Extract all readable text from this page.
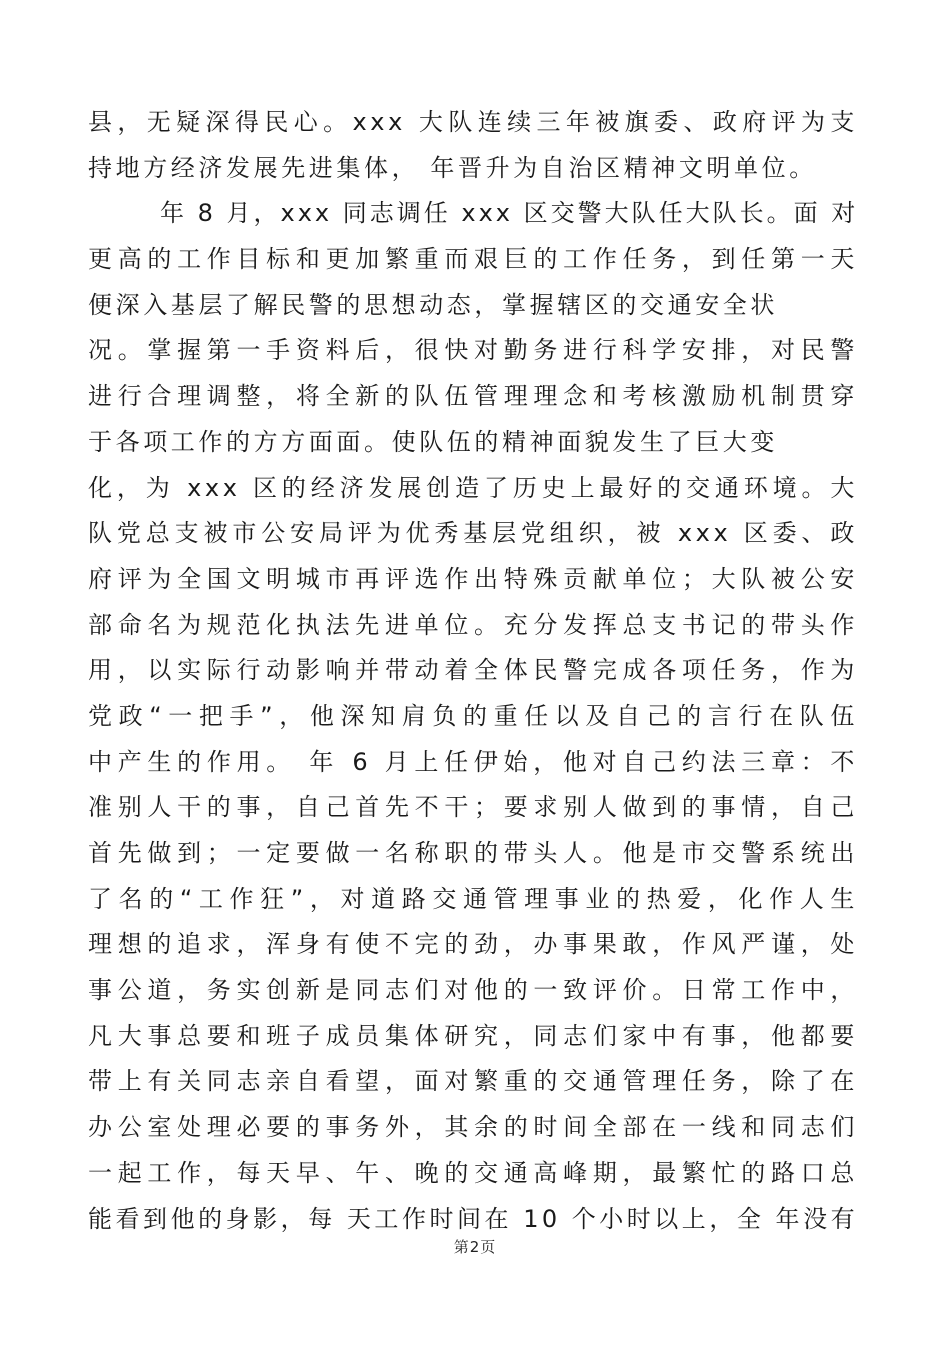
县，无疑深得民心。xxx 大队连续三年被旗委、政府评为支
持地方经济发展先进集体， 年晋升为自治区精神文明单位。
年 8 月，xxx 同志调任 xxx 区交警大队任大队长。面 对
更高的工作目标和更加繁重而艰巨的工作任务，到任第一天
便深入基层了解民警的思想动态，掌握辖区的交通安全状
况。掌握第一手资料后，很快对勤务进行科学安排，对民警
进行合理调整，将全新的队伍管理理念和考核激励机制贯穿
于各项工作的方方面面。使队伍的精神面貌发生了巨大变
化，为 xxx 区的经济发展创造了历史上最好的交通环境。大
队党总支被市公安局评为优秀基层党组织，被 xxx 区委、政
府评为全国文明城市再评选作出特殊贡献单位；大队被公安
部命名为规范化执法先进单位。充分发挥总支书记的带头作
用，以实际行动影响并带动着全体民警完成各项任务，作为
党政“一把手”，他深知肩负的重任以及自己的言行在队伍
中产生的作用。 年 6 月上任伊始，他对自己约法三章：不
准别人干的事，自己首先不干；要求别人做到的事情，自己
首先做到；一定要做一名称职的带头人。他是市交警系统出
了名的“工作狂”，对道路交通管理事业的热爱，化作人生
理想的追求，浑身有使不完的劲，办事果敢，作风严谨，处
事公道，务实创新是同志们对他的一致评价。日常工作中，
凡大事总要和班子成员集体研究，同志们家中有事，他都要
带上有关同志亲自看望，面对繁重的交通管理任务，除了在
办公室处理必要的事务外，其余的时间全部在一线和同志们
一起工作，每天早、午、晚的交通高峰期，最繁忙的路口总
能看到他的身影，每 天工作时间在 10 个小时以上，全 年没有
第2页
